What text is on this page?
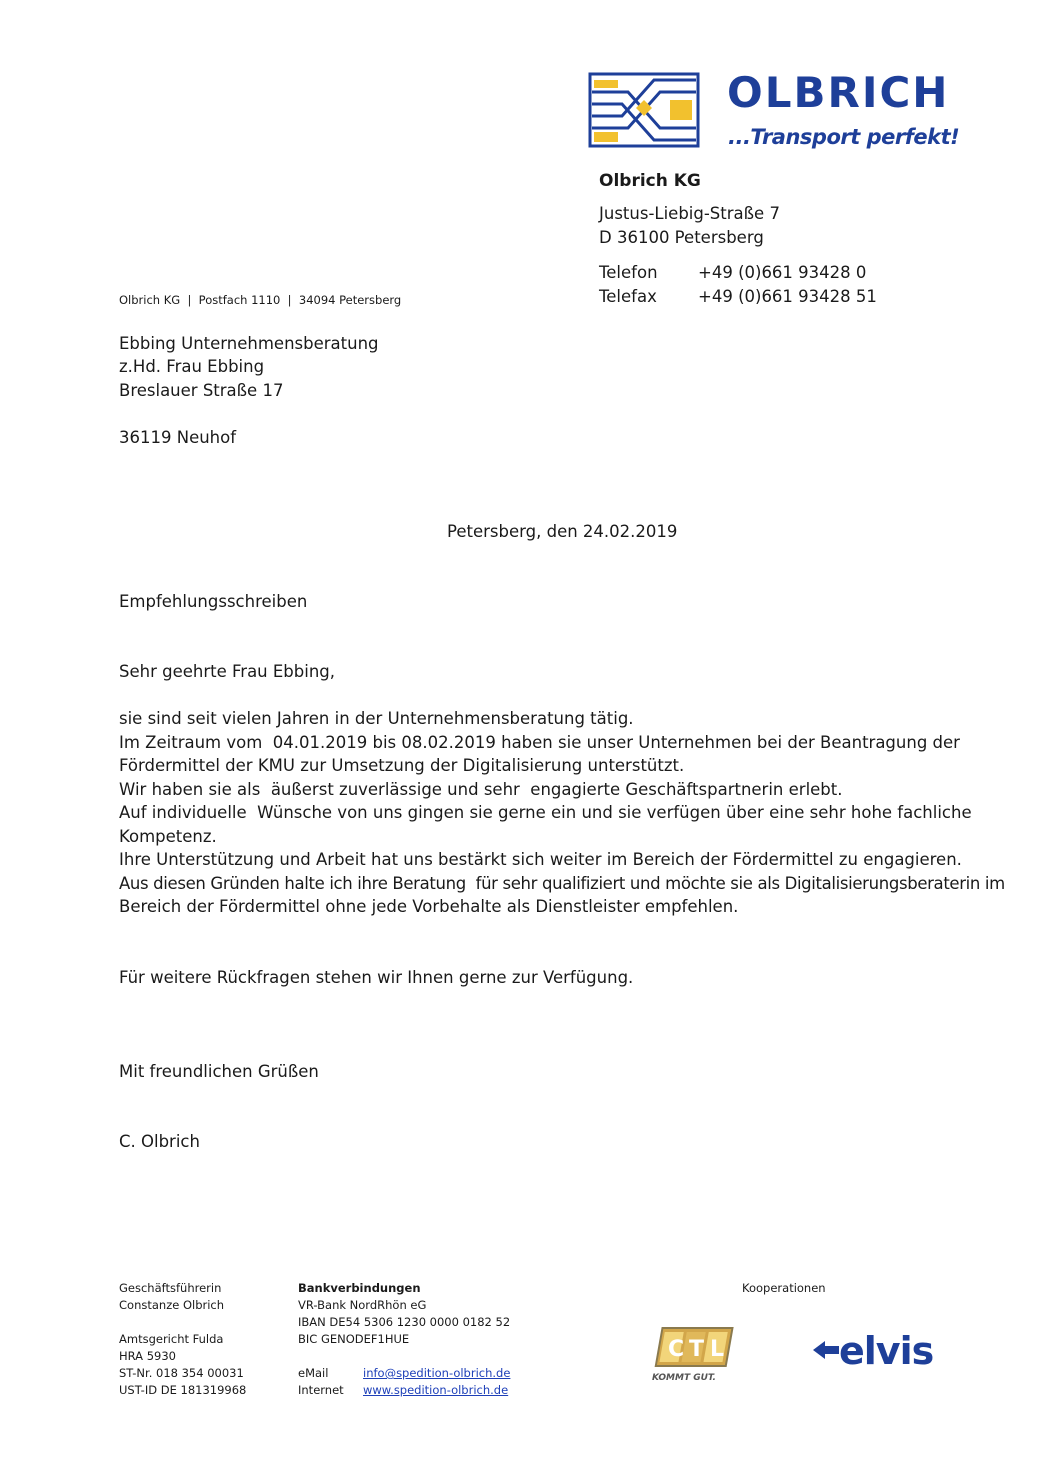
OLBRICH
...Transport perfekt!
Olbrich KG
Justus-Liebig-Straße 7
D 36100 Petersberg
Telefon +49 (0)661 93428 0
Telefax +49 (0)661 93428 51
Olbrich KG  |  Postfach 1110  |  34094 Petersberg
Ebbing Unternehmensberatung
z.Hd. Frau Ebbing
Breslauer Straße 17
36119 Neuhof
Petersberg, den 24.02.2019
Empfehlungsschreiben
Sehr geehrte Frau Ebbing,
sie sind seit vielen Jahren in der Unternehmensberatung tätig.
Im Zeitraum vom  04.01.2019 bis 08.02.2019 haben sie unser Unternehmen bei der Beantragung der
Fördermittel der KMU zur Umsetzung der Digitalisierung unterstützt.
Wir haben sie als  äußerst zuverlässige und sehr  engagierte Geschäftspartnerin erlebt.
Auf individuelle  Wünsche von uns gingen sie gerne ein und sie verfügen über eine sehr hohe fachliche
Kompetenz.
Ihre Unterstützung und Arbeit hat uns bestärkt sich weiter im Bereich der Fördermittel zu engagieren.
Aus diesen Gründen halte ich ihre Beratung  für sehr qualifiziert und möchte sie als Digitalisierungsberaterin im
Bereich der Fördermittel ohne jede Vorbehalte als Dienstleister empfehlen.
Für weitere Rückfragen stehen wir Ihnen gerne zur Verfügung.
Mit freundlichen Grüßen
C. Olbrich
Geschäftsführerin
Constanze Olbrich
Amtsgericht Fulda
HRA 5930
ST-Nr. 018 354 00031
UST-ID DE 181319968
Bankverbindungen
VR-Bank NordRhön eG
IBAN DE54 5306 1230 0000 0182 52
BIC GENODEF1HUE
eMail	info@spedition-olbrich.de
Internet www.spedition-olbrich.de
Kooperationen
C T L
KOMMT GUT.
elvis
